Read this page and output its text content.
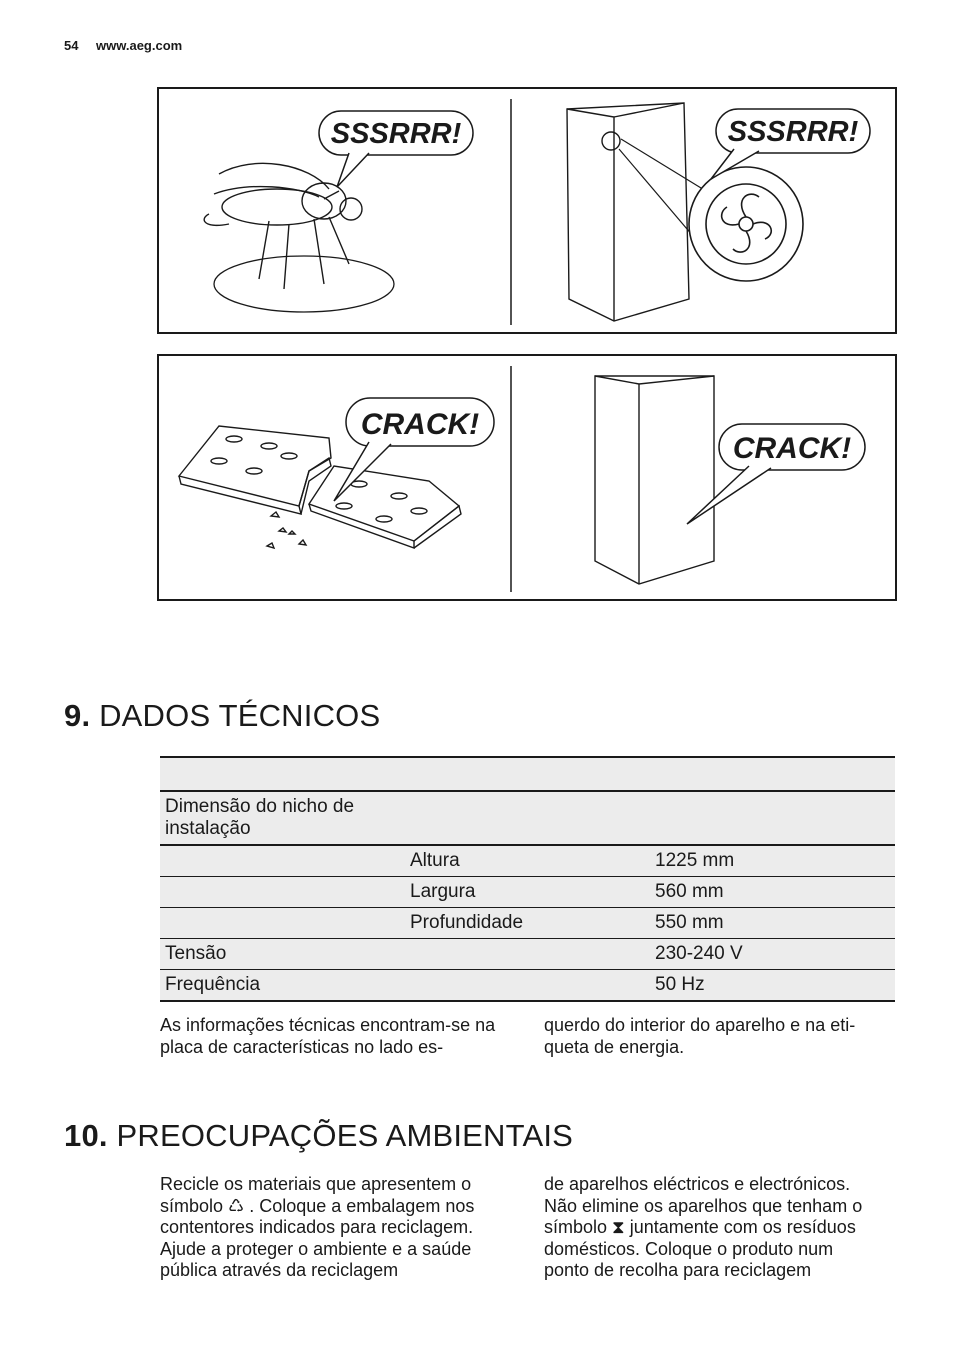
54 www.aeg.com
SSSRRR!	SSSRRR!
CRACK!
CRACK!
9. DADOS TÉCNICOS

Dimensão do nicho de instalação		
	Altura	1225 mm
	Largura	560 mm
	Profundidade	550 mm
Tensão		230-240 V
Frequência		50 Hz
As informações técnicas encontram-se na placa de características no lado es-
querdo do interior do aparelho e na eti- queta de energia.
10. PREOCUPAÇÕES AMBIENTAIS
Recicle os materiais que apresentem o símbolo ♺ . Coloque a embalagem nos contentores indicados para reciclagem.
Ajude a proteger o ambiente e a saúde pública através da reciclagem
de aparelhos eléctricos e electrónicos. Não elimine os aparelhos que tenham o símbolo ⧗ juntamente com os resíduos domésticos. Coloque o produto num ponto de recolha para reciclagem
